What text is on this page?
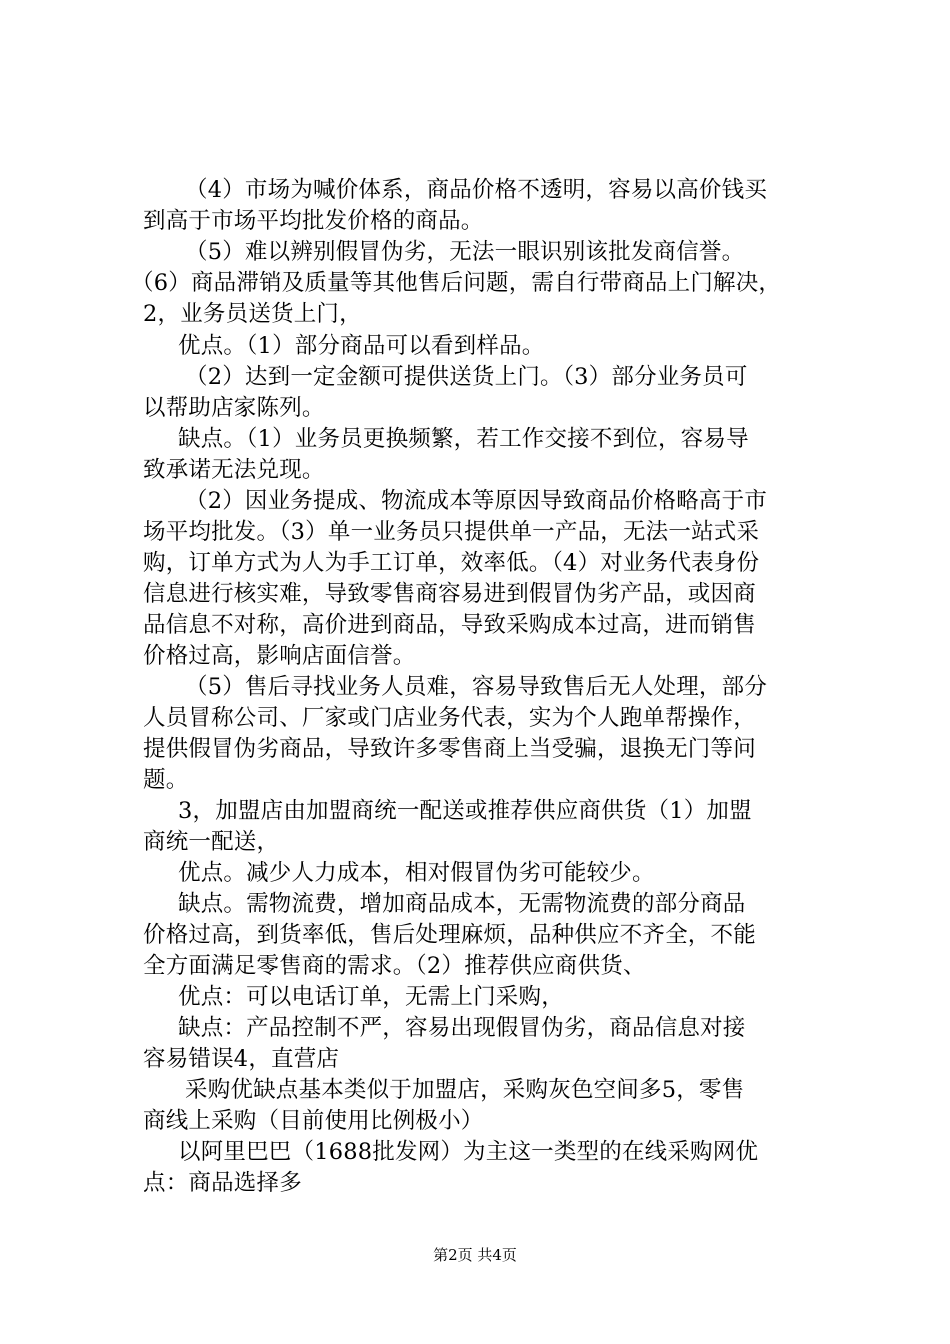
（4）市场为喊价体系，商品价格不透明，容易以高价钱买
到高于市场平均批发价格的商品。
（5）难以辨别假冒伪劣，无法一眼识别该批发商信誉。
（6）商品滞销及质量等其他售后问题，需自行带商品上门解决，
2，业务员送货上门，
优点。（1）部分商品可以看到样品。
（2）达到一定金额可提供送货上门。（3）部分业务员可
以帮助店家陈列。
缺点。（1）业务员更换频繁，若工作交接不到位，容易导
致承诺无法兑现。
（2）因业务提成、物流成本等原因导致商品价格略高于市
场平均批发。（3）单一业务员只提供单一产品，无法一站式采
购，订单方式为人为手工订单，效率低。（4）对业务代表身份
信息进行核实难，导致零售商容易进到假冒伪劣产品，或因商
品信息不对称，高价进到商品，导致采购成本过高，进而销售
价格过高，影响店面信誉。
（5）售后寻找业务人员难，容易导致售后无人处理，部分
人员冒称公司、厂家或门店业务代表，实为个人跑单帮操作，
提供假冒伪劣商品，导致许多零售商上当受骗，退换无门等问
题。
3，加盟店由加盟商统一配送或推荐供应商供货（1）加盟
商统一配送，
优点。减少人力成本，相对假冒伪劣可能较少。
缺点。需物流费，增加商品成本，无需物流费的部分商品
价格过高，到货率低，售后处理麻烦，品种供应不齐全，不能
全方面满足零售商的需求。（2）推荐供应商供货、
优点：可以电话订单，无需上门采购，
缺点：产品控制不严，容易出现假冒伪劣，商品信息对接
容易错误4，直营店
采购优缺点基本类似于加盟店，采购灰色空间多5，零售
商线上采购（目前使用比例极小）
以阿里巴巴（1688批发网）为主这一类型的在线采购网优
点：商品选择多
第2页 共4页
